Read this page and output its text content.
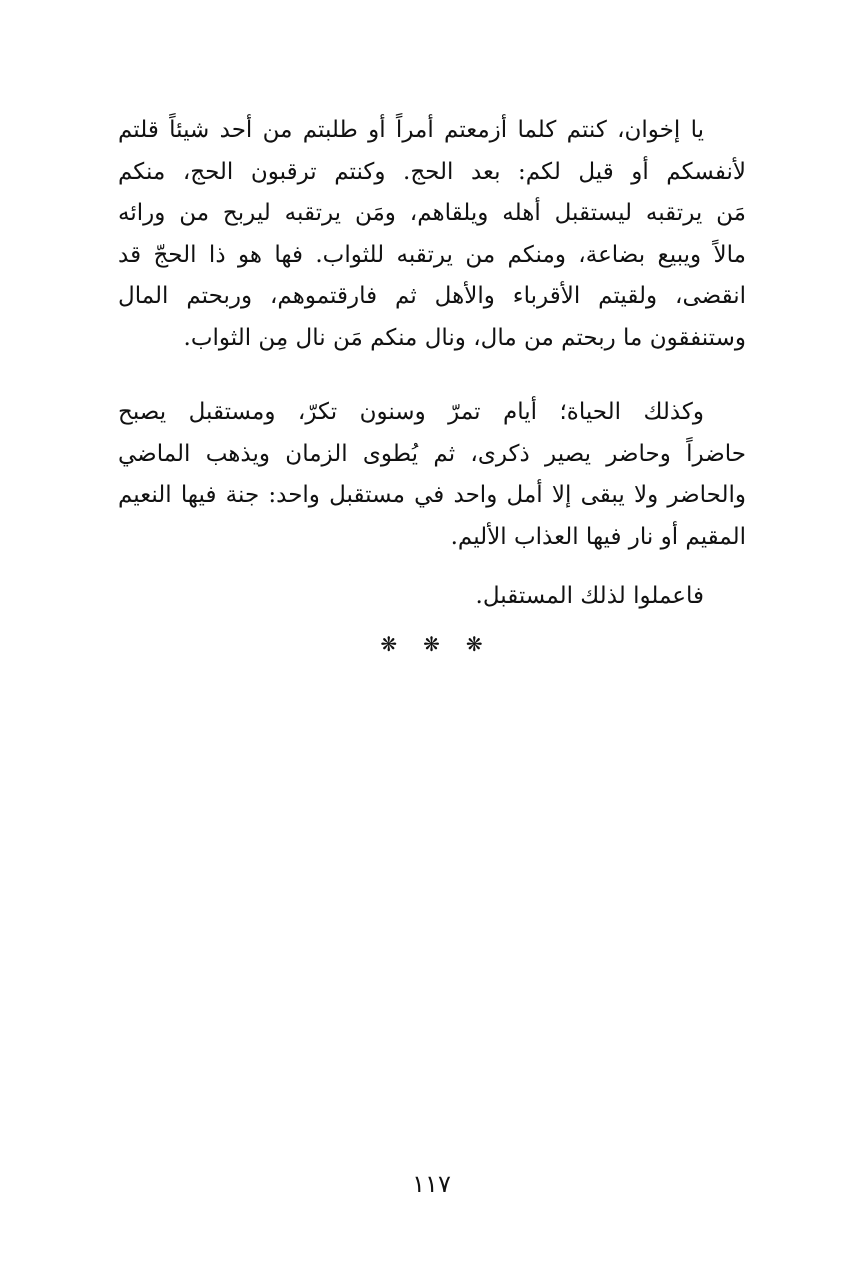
يا إخوان، كنتم كلما أزمعتم أمراً أو طلبتم من أحد شيئاً قلتم
لأنفسكم أو قيل لكم: بعد الحج. وكنتم ترقبون الحج، منكم
مَن يرتقبه ليستقبل أهله ويلقاهم، ومَن يرتقبه ليربح من ورائه
مالاً ويبيع بضاعة، ومنكم من يرتقبه للثواب. فها هو ذا الحجّ قد
انقضى، ولقيتم الأقرباء والأهل ثم فارقتموهم، وربحتم المال
وستنفقون ما ربحتم من مال، ونال منكم مَن نال مِن الثواب.
وكذلك الحياة؛ أيام تمرّ وسنون تكرّ، ومستقبل يصبح
حاضراً وحاضر يصير ذكرى، ثم يُطوى الزمان ويذهب الماضي
والحاضر ولا يبقى إلا أمل واحد في مستقبل واحد: جنة فيها النعيم
المقيم أو نار فيها العذاب الأليم.
فاعملوا لذلك المستقبل.
❋❋❋
١١٧
